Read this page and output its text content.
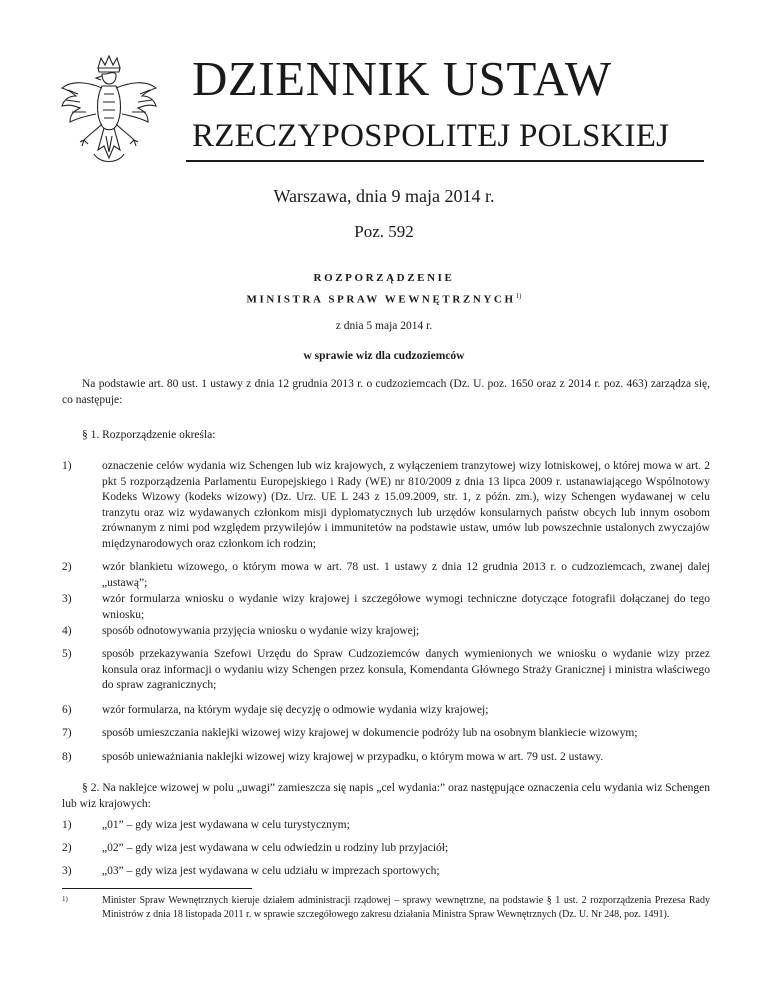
DZIENNIK USTAW
RZECZYPOSPOLITEJ POLSKIEJ
Warszawa, dnia 9 maja 2014 r.
Poz. 592
ROZPORZĄDZENIE
MINISTRA SPRAW WEWNĘTRZNYCH$^{1)}$
z dnia 5 maja 2014 r.
w sprawie wiz dla cudzoziemców
Na podstawie art. 80 ust. 1 ustawy z dnia 12 grudnia 2013 r. o cudzoziemcach (Dz. U. poz. 1650 oraz z 2014 r. poz. 463) zarządza się, co następuje:
§ 1. Rozporządzenie określa:
1)	oznaczenie celów wydania wiz Schengen lub wiz krajowych, z wyłączeniem tranzytowej wizy lotniskowej, o której mowa w art. 2 pkt 5 rozporządzenia Parlamentu Europejskiego i Rady (WE) nr 810/2009 z dnia 13 lipca 2009 r. ustanawiającego Wspólnotowy Kodeks Wizowy (kodeks wizowy) (Dz. Urz. UE L 243 z 15.09.2009, str. 1, z późn. zm.), wizy Schengen wydawanej w celu tranzytu oraz wiz wydawanych członkom misji dyplomatycznych lub urzędów konsularnych państw obcych lub innym osobom zrównanym z nimi pod względem przywilejów i immunitetów na podstawie ustaw, umów lub powszechnie ustalonych zwyczajów międzynarodowych oraz członkom ich rodzin;
2)	wzór blankietu wizowego, o którym mowa w art. 78 ust. 1 ustawy z dnia 12 grudnia 2013 r. o cudzoziemcach, zwanej dalej „ustawą”;
3)	wzór formularza wniosku o wydanie wizy krajowej i szczegółowe wymogi techniczne dotyczące fotografii dołączanej do tego wniosku;
4)	sposób odnotowywania przyjęcia wniosku o wydanie wizy krajowej;
5)	sposób przekazywania Szefowi Urzędu do Spraw Cudzoziemców danych wymienionych we wniosku o wydanie wizy przez konsula oraz informacji o wydaniu wizy Schengen przez konsula, Komendanta Głównego Straży Granicznej i ministra właściwego do spraw zagranicznych;
6)	wzór formularza, na którym wydaje się decyzję o odmowie wydania wizy krajowej;
7)	sposób umieszczania naklejki wizowej wizy krajowej w dokumencie podróży lub na osobnym blankiecie wizowym;
8)	sposób unieważniania naklejki wizowej wizy krajowej w przypadku, o którym mowa w art. 79 ust. 2 ustawy.
§ 2. Na naklejce wizowej w polu „uwagi” zamieszcza się napis „cel wydania:” oraz następujące oznaczenia celu wydania wiz Schengen lub wiz krajowych:
1)	„01” – gdy wiza jest wydawana w celu turystycznym;
2)	„02” – gdy wiza jest wydawana w celu odwiedzin u rodziny lub przyjaciół;
3)	„03” – gdy wiza jest wydawana w celu udziału w imprezach sportowych;
1)	Minister Spraw Wewnętrznych kieruje działem administracji rządowej – sprawy wewnętrzne, na podstawie § 1 ust. 2 rozporządzenia Prezesa Rady Ministrów z dnia 18 listopada 2011 r. w sprawie szczegółowego zakresu działania Ministra Spraw Wewnętrznych (Dz. U. Nr 248, poz. 1491).
